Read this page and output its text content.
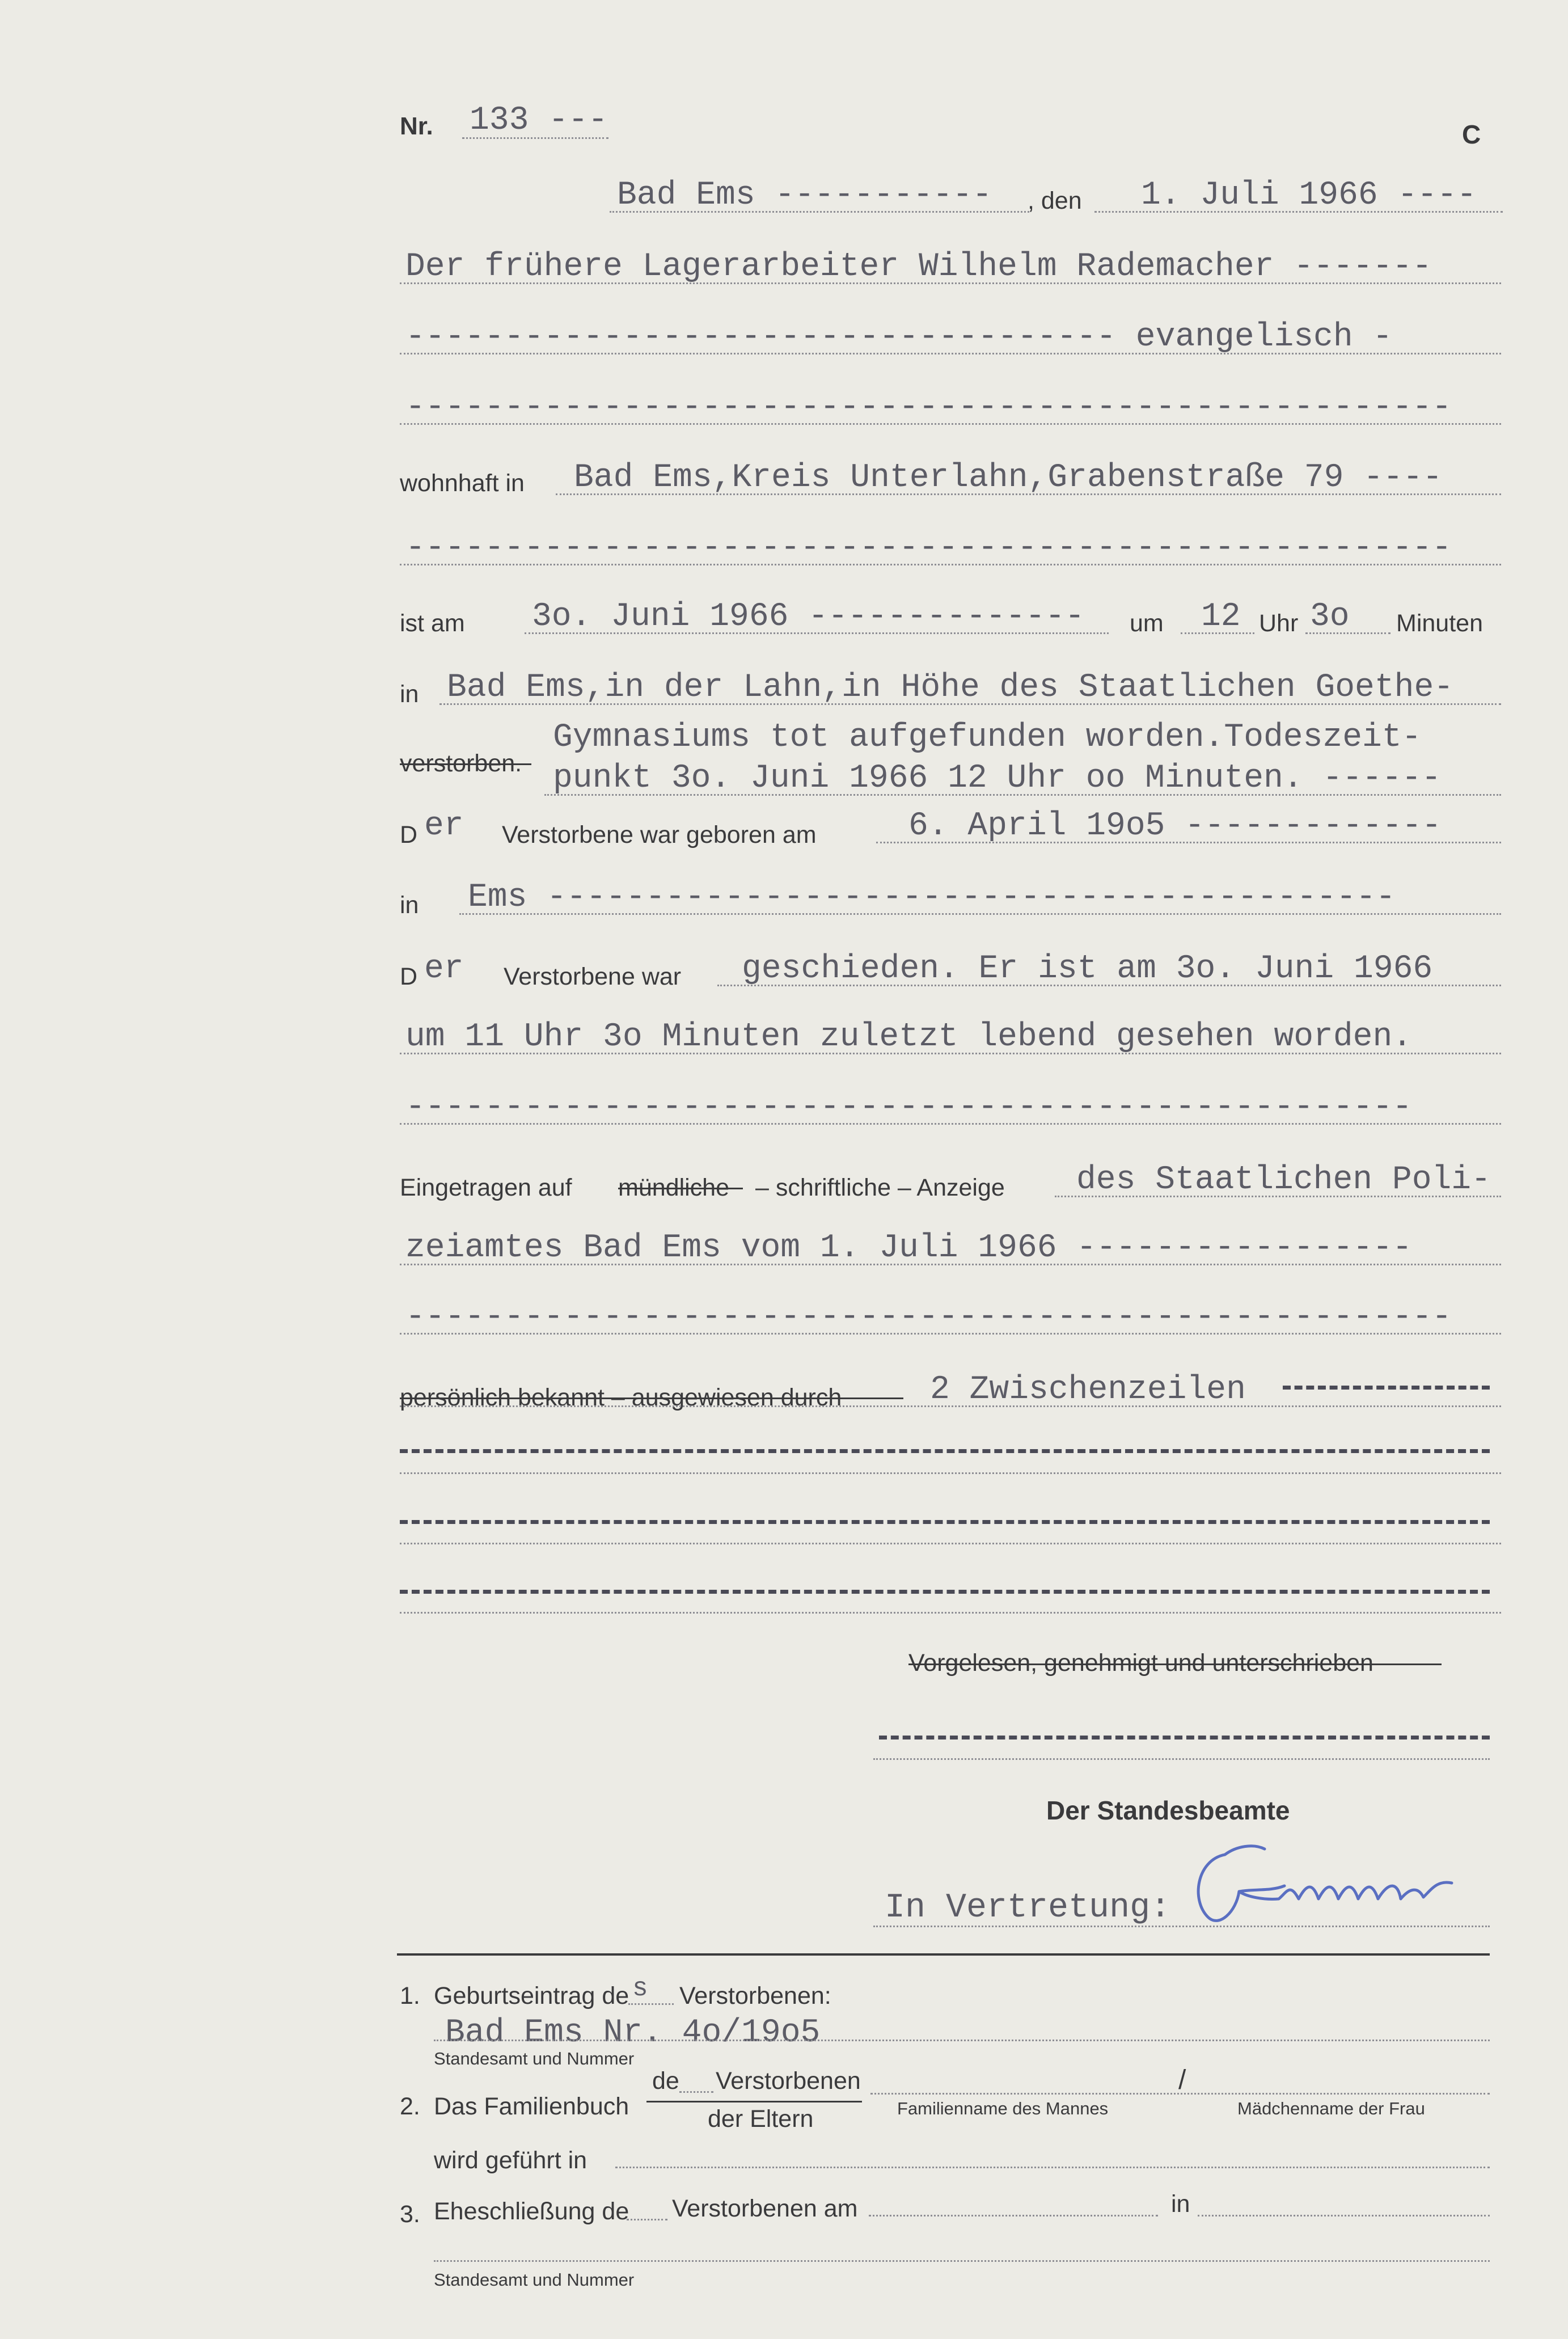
Nr. 133 ---	C
Bad Ems ----------- , den 1. Juli 1966 ----
Der frühere Lagerarbeiter Wilhelm Rademacher -------
------------------------------------ evangelisch -
-----------------------------------------------------
wohnhaft in Bad Ems,Kreis Unterlahn,Grabenstraße 79 ----
-----------------------------------------------------
ist am 3o. Juni 1966 -------------- um 12 Uhr 3o Minuten
in Bad Ems,in der Lahn,in Höhe des Staatlichen Goethe-
Gymnasiums tot aufgefunden worden.Todeszeit-
punkt 3o. Juni 1966 12 Uhr oo Minuten. ------
verstorben.
D er Verstorbene war geboren am	6. April 19o5 -------------
in Ems -------------------------------------------
D er Verstorbene war geschieden. Er ist am 3o. Juni 1966
um 11 Uhr 3o Minuten zuletzt lebend gesehen worden.
---------------------------------------------------
Eingetragen auf mündliche – schriftliche – Anzeige des Staatlichen Poli-
zeiamtes Bad Ems vom 1. Juli 1966 -----------------
-----------------------------------------------------
persönlich bekannt – ausgewiesen durch	2 Zwischenzeilen
Vorgelesen, genehmigt und unterschrieben
Der Standesbeamte
In Vertretung:
1. Geburtseintrag de s Verstorbenen:
Bad Ems Nr. 4o/19o5
Standesamt und Nummer
2. Das Familienbuch
de Verstorbenen
der Eltern
/
Familienname des Mannes	Mädchenname der Frau
wird geführt in
3. Eheschließung de Verstorbenen am	in
Standesamt und Nummer
